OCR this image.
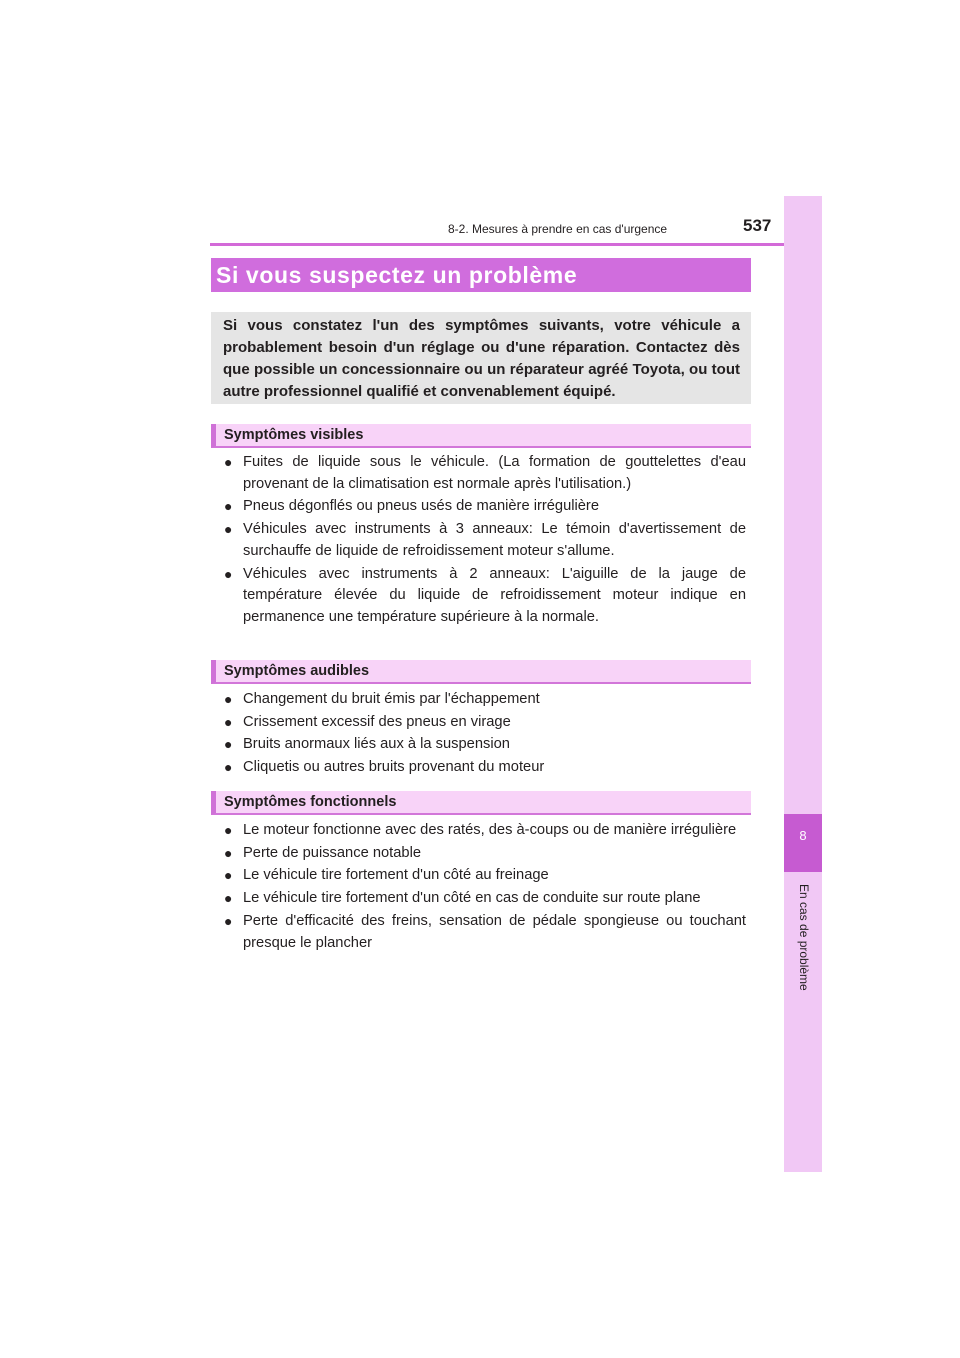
8-2. Mesures à prendre en cas d'urgence	537
8
En cas de problème
Si vous suspectez un problème
Si vous constatez l'un des symptômes suivants, votre véhicule a probablement besoin d'un réglage ou d'une réparation. Contactez dès que possible un concessionnaire ou un réparateur agréé Toyota, ou tout autre professionnel qualifié et convenablement équipé.
Symptômes visibles
● Fuites de liquide sous le véhicule. (La formation de gouttelettes d'eau provenant de la climatisation est normale après l'utilisation.)
● Pneus dégonflés ou pneus usés de manière irrégulière
● Véhicules avec instruments à 3 anneaux: Le témoin d'avertissement de surchauffe de liquide de refroidissement moteur s'allume.
● Véhicules avec instruments à 2 anneaux: L'aiguille de la jauge de température élevée du liquide de refroidissement moteur indique en permanence une température supérieure à la normale.
Symptômes audibles
● Changement du bruit émis par l'échappement
● Crissement excessif des pneus en virage
● Bruits anormaux liés aux à la suspension
● Cliquetis ou autres bruits provenant du moteur
Symptômes fonctionnels
● Le moteur fonctionne avec des ratés, des à-coups ou de manière irrégulière
● Perte de puissance notable
● Le véhicule tire fortement d'un côté au freinage
● Le véhicule tire fortement d'un côté en cas de conduite sur route plane
● Perte d'efficacité des freins, sensation de pédale spongieuse ou touchant presque le plancher
